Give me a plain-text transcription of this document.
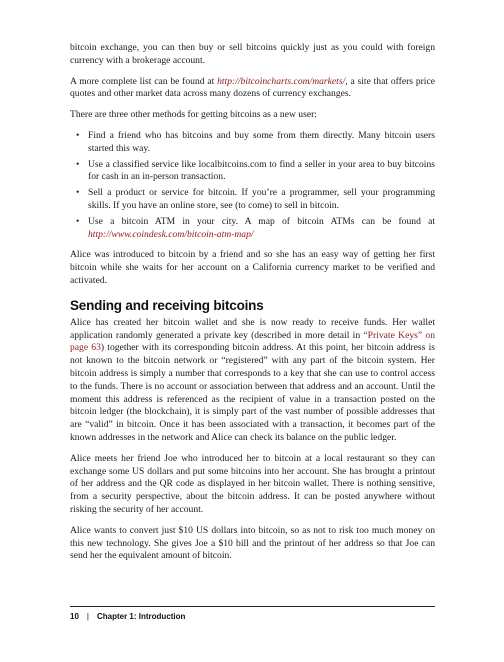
bitcoin exchange, you can then buy or sell bitcoins quickly just as you could with foreign currency with a brokerage account.

A more complete list can be found at http://bitcoincharts.com/markets/, a site that offers price quotes and other market data across many dozens of currency exchanges.

There are three other methods for getting bitcoins as a new user:

• Find a friend who has bitcoins and buy some from them directly. Many bitcoin users started this way.
• Use a classified service like localbitcoins.com to find a seller in your area to buy bitcoins for cash in an in-person transaction.
• Sell a product or service for bitcoin. If you’re a programmer, sell your programming skills. If you have an online store, see (to come) to sell in bitcoin.
• Use a bitcoin ATM in your city. A map of bitcoin ATMs can be found at http://www.coindesk.com/bitcoin-atm-map/

Alice was introduced to bitcoin by a friend and so she has an easy way of getting her first bitcoin while she waits for her account on a California currency market to be verified and activated.

Sending and receiving bitcoins

Alice has created her bitcoin wallet and she is now ready to receive funds. Her wallet application randomly generated a private key (described in more detail in “Private Keys” on page 63) together with its corresponding bitcoin address. At this point, her bitcoin address is not known to the bitcoin network or “registered” with any part of the bitcoin system. Her bitcoin address is simply a number that corresponds to a key that she can use to control access to the funds. There is no account or association between that address and an account. Until the moment this address is referenced as the recipient of value in a transaction posted on the bitcoin ledger (the blockchain), it is simply part of the vast number of possible addresses that are “valid” in bitcoin. Once it has been associated with a transaction, it becomes part of the known addresses in the network and Alice can check its balance on the public ledger.

Alice meets her friend Joe who introduced her to bitcoin at a local restaurant so they can exchange some US dollars and put some bitcoins into her account. She has brought a printout of her address and the QR code as displayed in her bitcoin wallet. There is nothing sensitive, from a security perspective, about the bitcoin address. It can be posted anywhere without risking the security of her account.

Alice wants to convert just $10 US dollars into bitcoin, so as not to risk too much money on this new technology. She gives Joe a $10 bill and the printout of her address so that Joe can send her the equivalent amount of bitcoin.

10 | Chapter 1: Introduction
